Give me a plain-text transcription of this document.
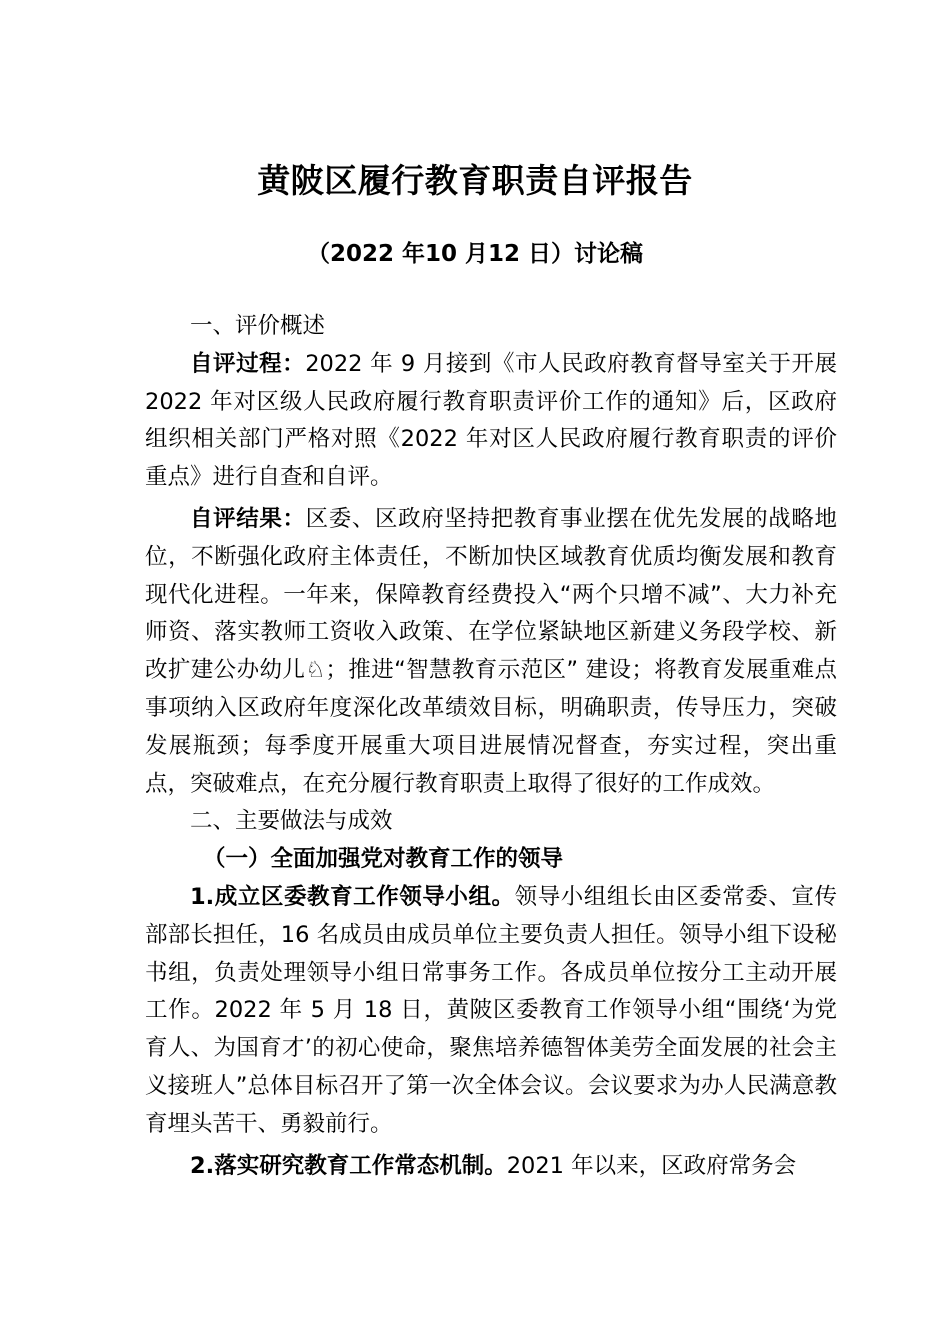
黄陂区履行教育职责自评报告
（2022 年10 月12 日）讨论稿

一、评价概述

自评过程：2022 年 9 月接到《市人民政府教育督导室关于开展 2022 年对区级人民政府履行教育职责评价工作的通知》后，区政府组织相关部门严格对照《2022 年对区人民政府履行教育职责的评价重点》进行自查和自评。

自评结果：区委、区政府坚持把教育事业摆在优先发展的战略地位，不断强化政府主体责任，不断加快区域教育优质均衡发展和教育现代化进程。一年来，保障教育经费投入“两个只增不减”、大力补充师资、落实教师工资收入政策、在学位紧缺地区新建义务段学校、新改扩建公办幼儿♘；推进“智慧教育示范区” 建设；将教育发展重难点事项纳入区政府年度深化改革绩效目标，明确职责，传导压力，突破发展瓶颈；每季度开展重大项目进展情况督查，夯实过程，突出重点，突破难点，在充分履行教育职责上取得了很好的工作成效。

二、主要做法与成效

（一）全面加强党对教育工作的领导

1.成立区委教育工作领导小组。领导小组组长由区委常委、宣传部部长担任，16 名成员由成员单位主要负责人担任。领导小组下设秘书组，负责处理领导小组日常事务工作。各成员单位按分工主动开展工作。2022 年 5 月 18 日，黄陂区委教育工作领导小组“围绕‘为党育人、为国育才’的初心使命，聚焦培养德智体美劳全面发展的社会主义接班人”总体目标召开了第一次全体会议。会议要求为办人民满意教育埋头苦干、勇毅前行。

2.落实研究教育工作常态机制。2021 年以来，区政府常务会
